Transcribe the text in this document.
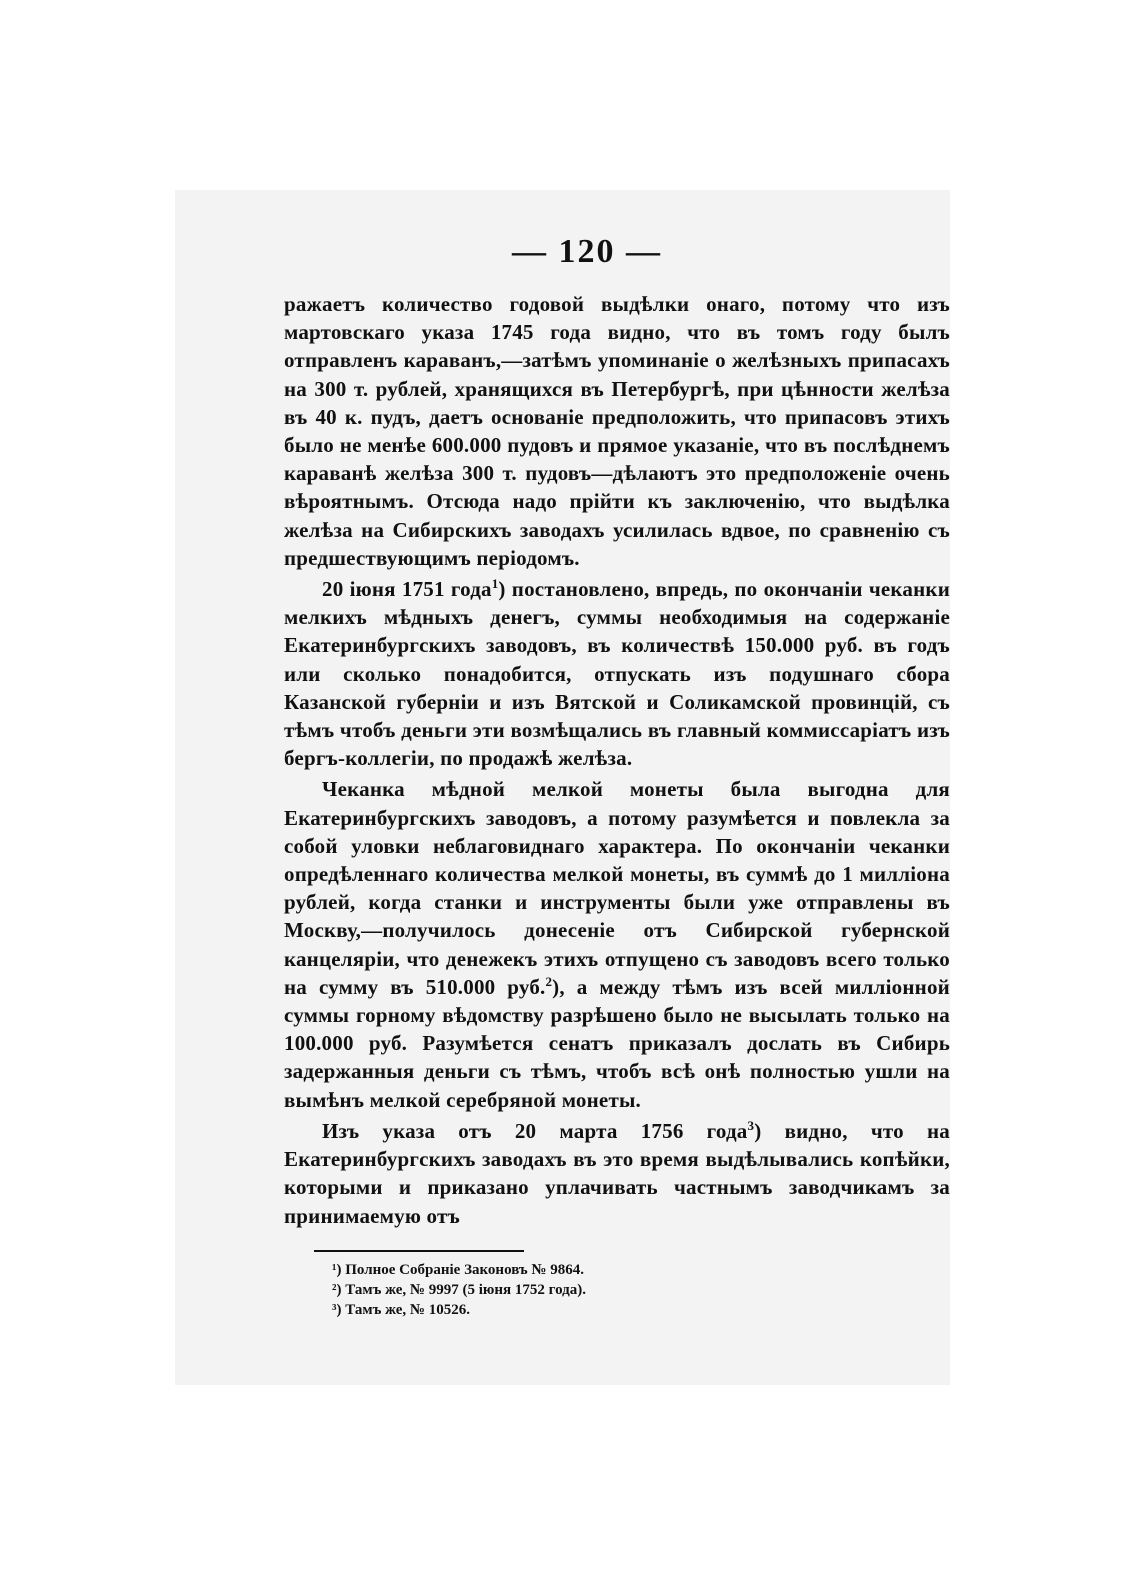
— 120 —

ражаетъ количество годовой выдѣлки онаго, потому что изъ мартовскаго указа 1745 года видно, что въ томъ году былъ отправленъ караванъ,—затѣмъ упоминаніе о желѣзныхъ припасахъ на 300 т. рублей, хранящихся въ Петербургѣ, при цѣнности желѣза въ 40 к. пудъ, даетъ основаніе предположить, что припасовъ этихъ было не менѣе 600.000 пудовъ и прямое указаніе, что въ послѣднемъ караванѣ желѣза 300 т. пудовъ—дѣлаютъ это предположеніе очень вѣроятнымъ. Отсюда надо прійти къ заключенію, что выдѣлка желѣза на Сибирскихъ заводахъ усилилась вдвое, по сравненію съ предшествующимъ періодомъ.

20 іюня 1751 года$^1$) постановлено, впредь, по окончаніи чеканки мелкихъ мѣдныхъ денегъ, суммы необходимыя на содержаніе Екатеринбургскихъ заводовъ, въ количествѣ 150.000 руб. въ годъ или сколько понадобится, отпускать изъ подушнаго сбора Казанской губерніи и изъ Вятской и Соликамской провинцій, съ тѣмъ чтобъ деньги эти возмѣщались въ главный коммиссаріатъ изъ бергъ-коллегіи, по продажѣ желѣза.

Чеканка мѣдной мелкой монеты была выгодна для Екатеринбургскихъ заводовъ, а потому разумѣется и повлекла за собой уловки неблаговиднаго характера. По окончаніи чеканки опредѣленнаго количества мелкой монеты, въ суммѣ до 1 милліона рублей, когда станки и инструменты были уже отправлены въ Москву,—получилось донесеніе отъ Сибирской губернской канцеляріи, что денежекъ этихъ отпущено съ заводовъ всего только на сумму въ 510.000 руб.$^2$), а между тѣмъ изъ всей милліонной суммы горному вѣдомству разрѣшено было не высылать только на 100.000 руб. Разумѣется сенатъ приказалъ дослать въ Сибирь задержанныя деньги съ тѣмъ, чтобъ всѣ онѣ полностью ушли на вымѣнъ мелкой серебряной монеты.

Изъ указа отъ 20 марта 1756 года$^3$) видно, что на Екатеринбургскихъ заводахъ въ это время выдѣлывались копѣйки, которыми и приказано уплачивать частнымъ заводчикамъ за принимаемую отъ

¹) Полное Собраніе Законовъ № 9864.

²) Тамъ же, № 9997 (5 іюня 1752 года).

³) Тамъ же, № 10526.
